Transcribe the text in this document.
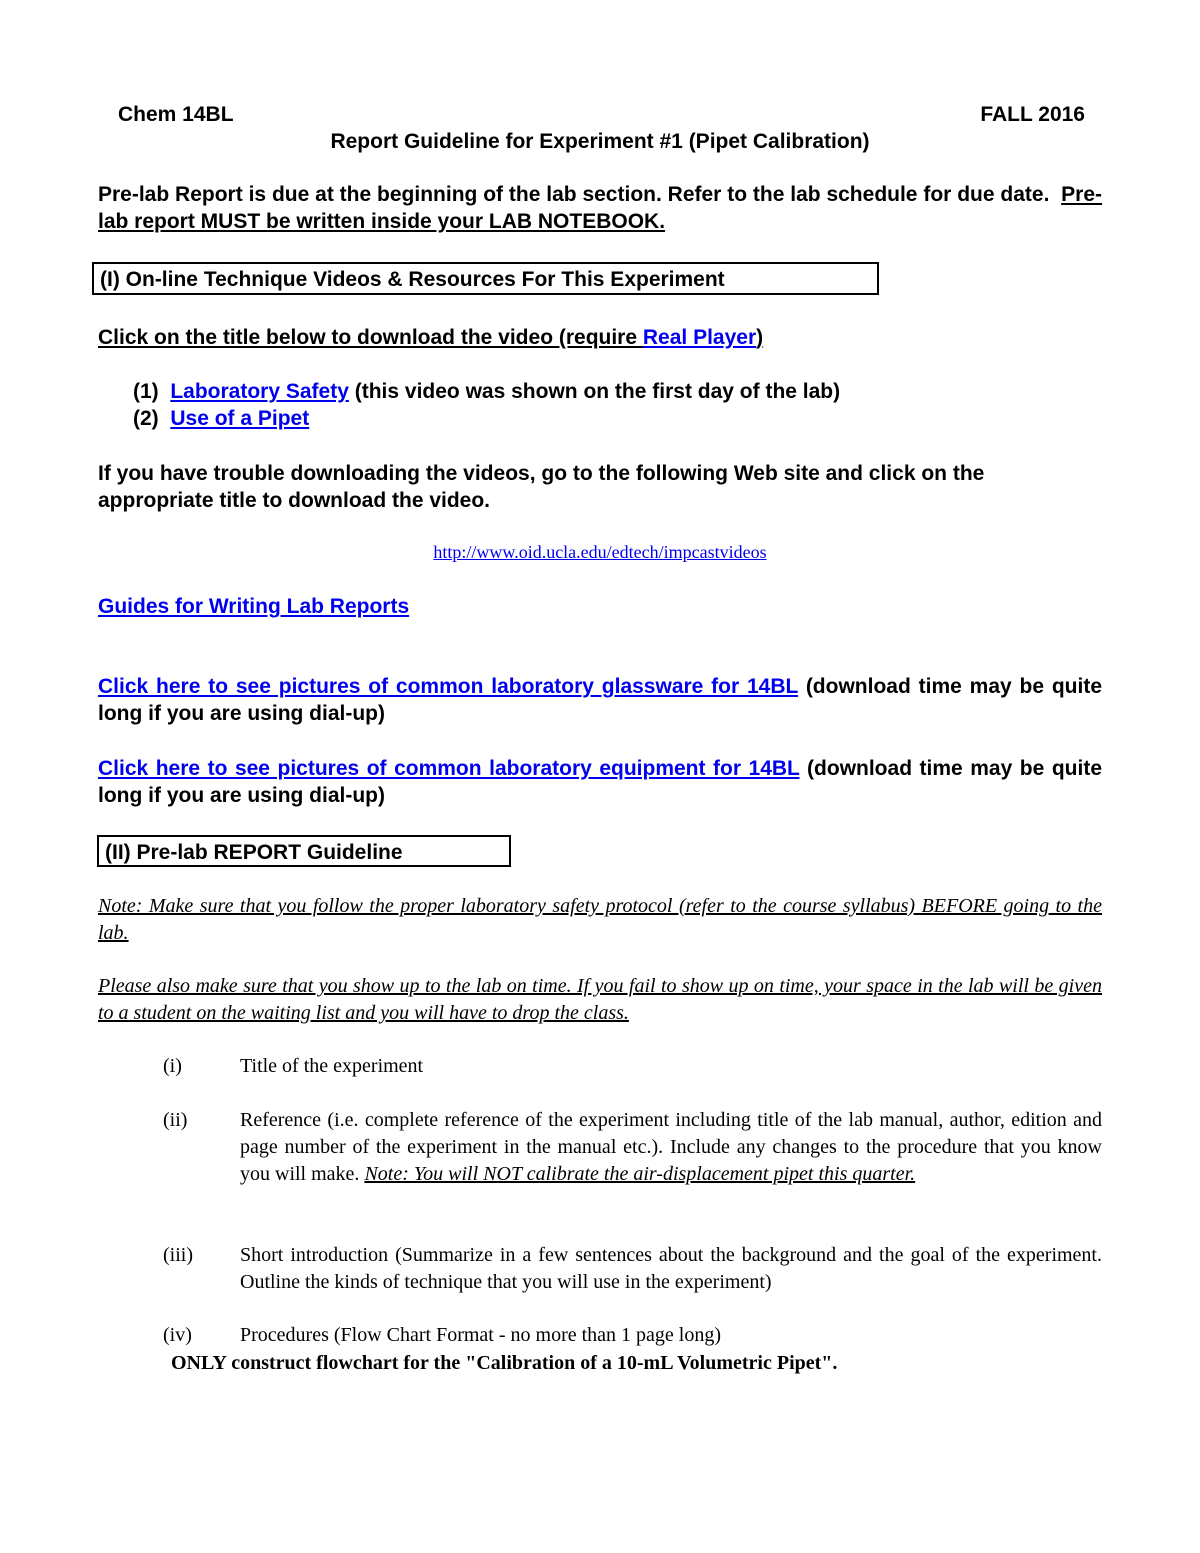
Chem 14BL	FALL 2016
Report Guideline for Experiment #1 (Pipet Calibration)
Pre-lab Report is due at the beginning of the lab section. Refer to the lab schedule for due date. Pre-lab report MUST be written inside your LAB NOTEBOOK.
(I) On-line Technique Videos & Resources For This Experiment
Click on the title below to download the video (require Real Player)
(1) Laboratory Safety (this video was shown on the first day of the lab)
(2) Use of a Pipet
If you have trouble downloading the videos, go to the following Web site and click on the appropriate title to download the video.
http://www.oid.ucla.edu/edtech/impcastvideos
Guides for Writing Lab Reports
Click here to see pictures of common laboratory glassware for 14BL (download time may be quite long if you are using dial-up)
Click here to see pictures of common laboratory equipment for 14BL (download time may be quite long if you are using dial-up)
(II) Pre-lab REPORT Guideline
Note: Make sure that you follow the proper laboratory safety protocol (refer to the course syllabus) BEFORE going to the lab.
Please also make sure that you show up to the lab on time. If you fail to show up on time, your space in the lab will be given to a student on the waiting list and you will have to drop the class.
(i)	Title of the experiment
(ii)	Reference (i.e. complete reference of the experiment including title of the lab manual, author, edition and page number of the experiment in the manual etc.). Include any changes to the procedure that you know you will make. Note: You will NOT calibrate the air-displacement pipet this quarter.
(iii)	Short introduction (Summarize in a few sentences about the background and the goal of the experiment. Outline the kinds of technique that you will use in the experiment)
(iv)	Procedures (Flow Chart Format - no more than 1 page long)
ONLY construct flowchart for the "Calibration of a 10-mL Volumetric Pipet".
